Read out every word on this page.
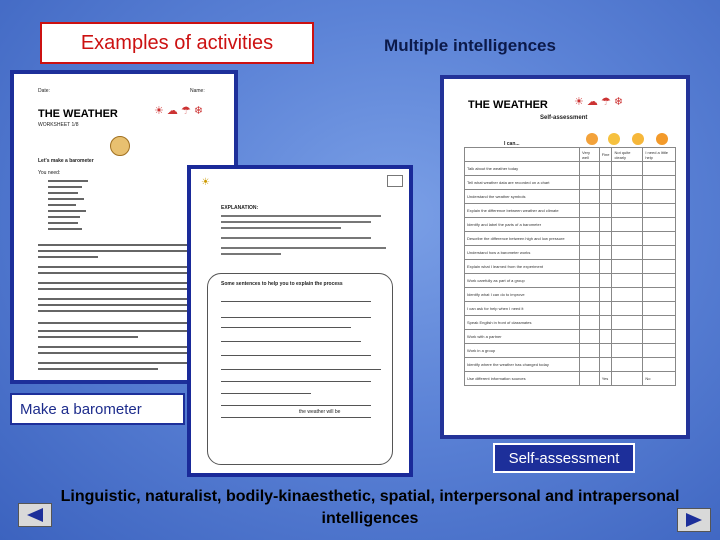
Examples of activities	Multiple intelligences
Date:	Name:
THE WEATHER
WORKSHEET 1/8
☀ ☁ ☂ ❄
Let's make a barometer
You need:
☀
EXPLANATION:
Some sentences to help you to explain the process
the weather will be
THE WEATHER ☀ ☁ ☂ ❄
Self-assessment
I can...
	Very well	Fine	Not quite clearly	I need a little help
Talk about the weather today				
Tell what weather data are recorded on a chart				
Understand the weather symbols				
Explain the difference between weather and climate				
Identify and label the parts of a barometer				
Describe the difference between high and low pressure				
Understand how a barometer works				
Explain what I learned from the experiment				
Work carefully as part of a group				
Identify what I can do to improve				
I can ask for help when I need it				
Speak English in front of classmates				
Work with a partner				
Work in a group				
Identify where the weather has changed today				
Use different information sources		Yes		No
Make a barometer
Self-assessment
Linguistic, naturalist, bodily-kinaesthetic, spatial, interpersonal and intrapersonal intelligences
